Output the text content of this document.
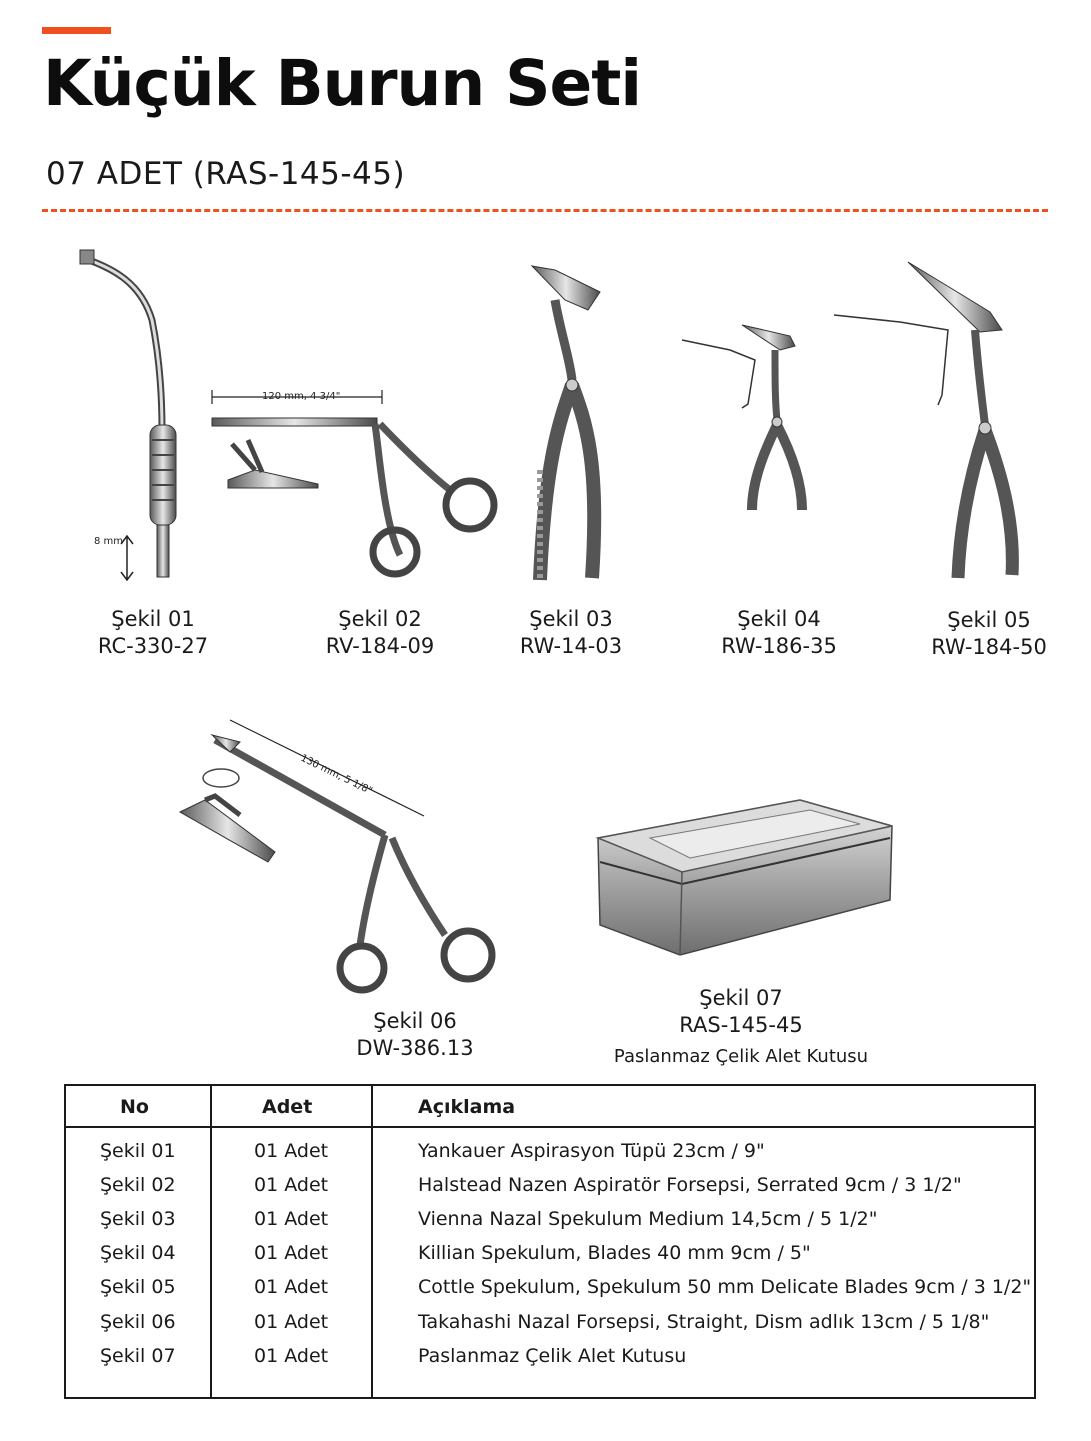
Küçük Burun Seti
07 ADET (RAS-145-45)
8 mm
120 mm, 4 3/4"
130 mm, 5 1/8"
Şekil 01
RC-330-27
Şekil 02
RV-184-09
Şekil 03
RW-14-03
Şekil 04
RW-186-35
Şekil 05
RW-184-50
Şekil 06
DW-386.13
Şekil 07
RAS-145-45
Paslanmaz Çelik Alet Kutusu
No	Adet	Açıklama
Şekil 01	01 Adet	Yankauer Aspirasyon Tüpü 23cm / 9"
Şekil 02	01 Adet	Halstead Nazen Aspiratör Forsepsi, Serrated 9cm / 3 1/2"
Şekil 03	01 Adet	Vienna Nazal Spekulum Medium 14,5cm / 5 1/2"
Şekil 04	01 Adet	Killian Spekulum, Blades 40 mm 9cm / 5"
Şekil 05	01 Adet	Cottle Spekulum, Spekulum 50 mm Delicate Blades 9cm / 3 1/2"
Şekil 06	01 Adet	Takahashi Nazal Forsepsi, Straight, Dism adlık 13cm / 5 1/8"
Şekil 07	01 Adet	Paslanmaz Çelik Alet Kutusu
